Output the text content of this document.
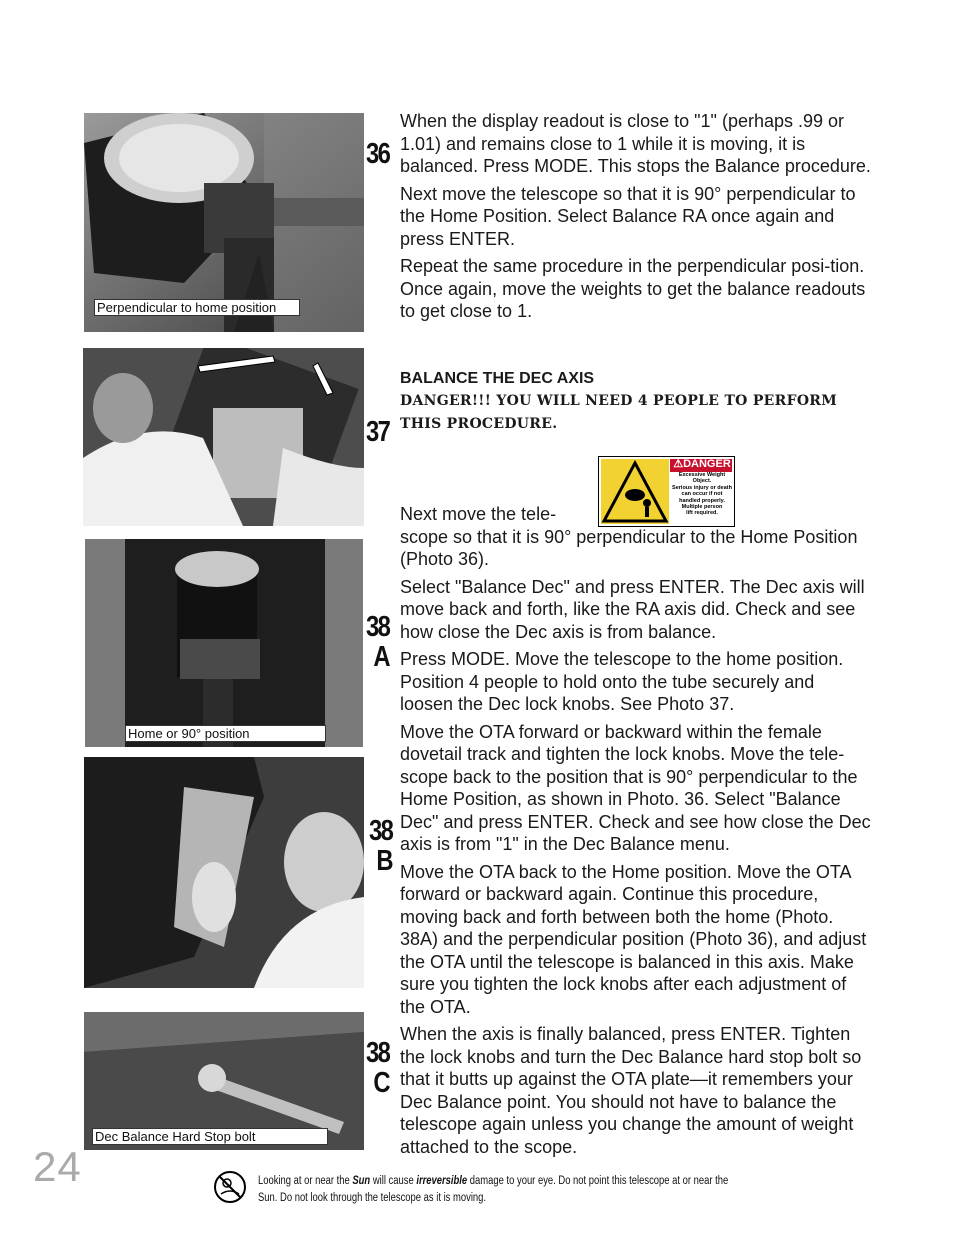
Perpendicular to home position
36
37
Home or 90° position
38
A
38
B
Dec Balance Hard Stop bolt
38
C

When the display readout is close to "1" (perhaps .99 or 1.01) and remains close to 1 while it is moving, it is balanced. Press MODE. This stops the Balance procedure.

Next move the telescope so that it is 90° perpendicular to the Home Position. Select Balance RA once again and press ENTER.

Repeat the same procedure in the perpendicular posi-tion. Once again, move the weights to get the balance readouts to get close to 1.

BALANCE THE DEC AXIS
DANGER!!! YOU WILL NEED 4 PEOPLE TO PERFORM THIS PROCEDURE.
⚠DANGER
Excessive Weight
Object.
Serious injury or death
can occur if not
handled properly.
Multiple person
lift required.

Next move the tele-

scope so that it is 90° perpendicular to the Home Position (Photo 36).

Select "Balance Dec" and press ENTER. The Dec axis will move back and forth, like the RA axis did. Check and see how close the Dec axis is from balance.

Press MODE. Move the telescope to the home position. Position 4 people to hold onto the tube securely and loosen the Dec lock knobs. See Photo 37.

Move the OTA forward or backward within the female dovetail track and tighten the lock knobs. Move the tele-scope back to the position that is 90° perpendicular to the Home Position, as shown in Photo. 36. Select "Balance Dec" and press ENTER. Check and see how close the Dec axis is from "1" in the Dec Balance menu.

Move the OTA back to the Home position. Move the OTA forward or backward again. Continue this procedure, moving back and forth between both the home (Photo. 38A) and the perpendicular position (Photo 36), and adjust the OTA until the telescope is balanced in this axis. Make sure you tighten the lock knobs after each adjustment of the OTA.

When the axis is finally balanced, press ENTER. Tighten the lock knobs and turn the Dec Balance hard stop bolt so that it butts up against the OTA plate—it remembers your Dec Balance point. You should not have to balance the telescope again unless you change the amount of weight attached to the scope.

24	Looking at or near the Sun will cause irreversible damage to your eye. Do not point this telescope at or near the
Sun. Do not look through the telescope as it is moving.
